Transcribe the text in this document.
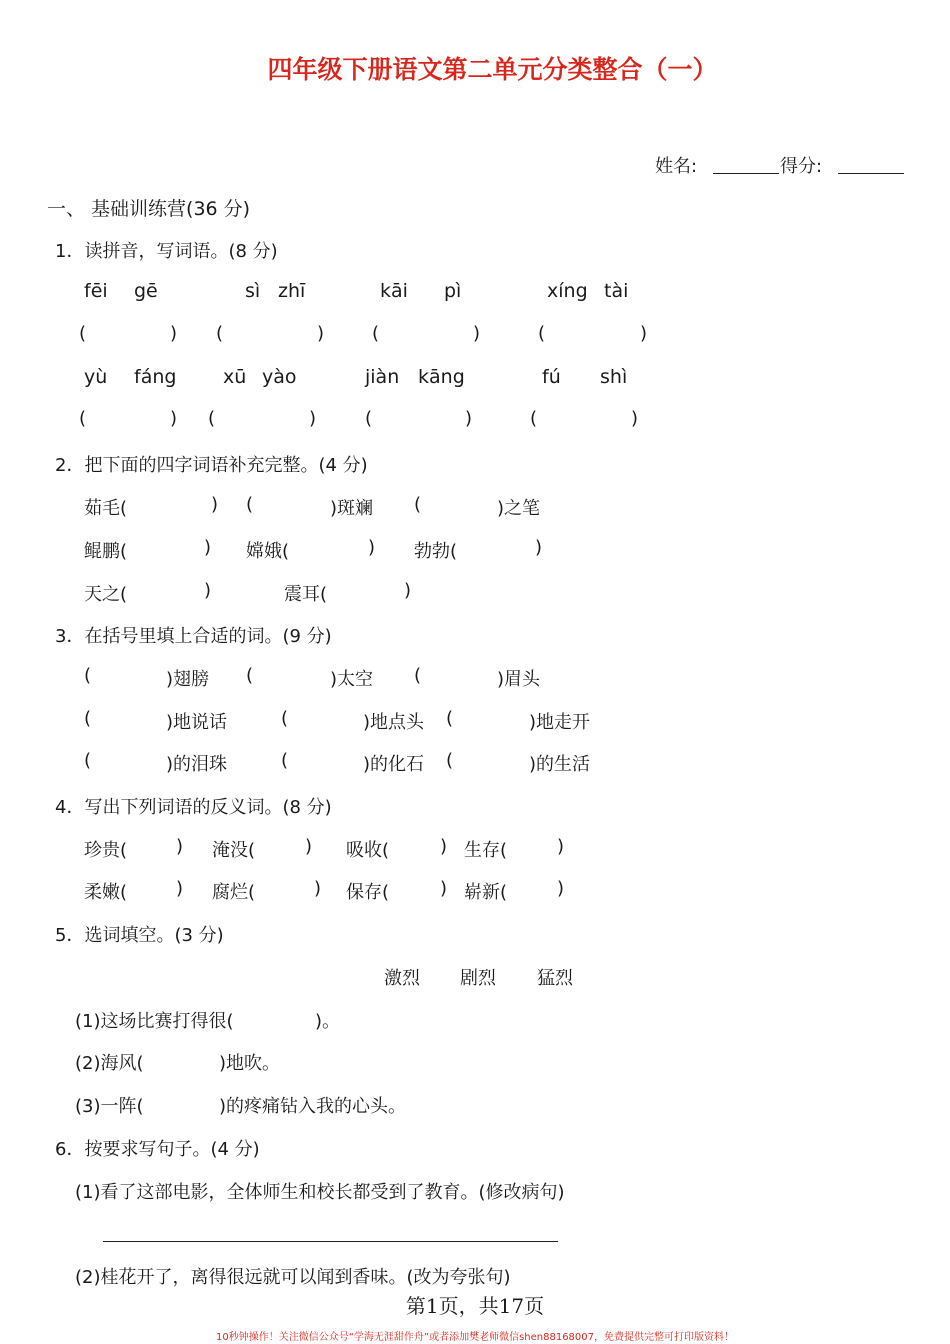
四年级下册语文第二单元分类整合（一）
姓名:	得分:
一、 基础训练营(36 分)
1．读拼音，写词语。(8 分)
fēi gē	sì zhī	kāi pì	xíng tài
(	) (	)	(	)	(	)
yù fáng xū yào	jiàn kāng	fú shì
(	) (	)	(	)	(	)
2．把下面的四字词语补充完整。(4 分)
茹毛(	) (	)斑斓 (	)之笔
鲲鹏(	) 嫦娥(	) 勃勃(	)
天之(	)	震耳(	)
3．在括号里填上合适的词。(9 分)
(	)翅膀 (	)太空 (	)眉头
(	)地说话	(	)地点头 (	)地走开
(	)的泪珠	(	)的化石 (	)的生活
4．写出下列词语的反义词。(8 分)
珍贵(	) 淹没(	) 吸收(	) 生存(	)
柔嫩(	) 腐烂(	) 保存(	) 崭新(	)
5．选词填空。(3 分)
激烈 剧烈 猛烈
(1)这场比赛打得很(	)。
(2)海风(	)地吹。
(3)一阵(	)的疼痛钻入我的心头。
6．按要求写句子。(4 分)
(1)看了这部电影，全体师生和校长都受到了教育。(修改病句)
(2)桂花开了，离得很远就可以闻到香味。(改为夸张句)
第1页，共17页
10秒钟操作！关注微信公众号“学海无涯甜作舟”或者添加樊老师微信shen88168007，免费提供完整可打印版资料！
